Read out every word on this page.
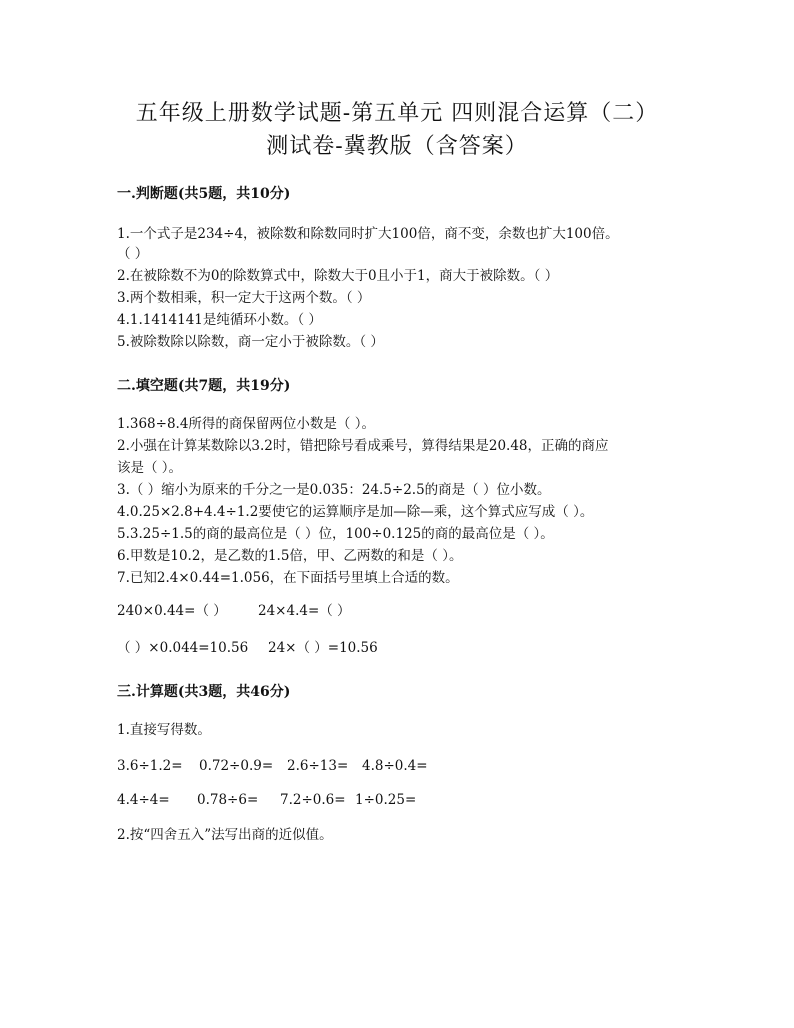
五年级上册数学试题-第五单元 四则混合运算（二）
测试卷-冀教版（含答案）
一.判断题(共5题，共10分)
1.一个式子是234÷4，被除数和除数同时扩大100倍，商不变，余数也扩大100倍。
（ ）
2.在被除数不为0的除数算式中，除数大于0且小于1，商大于被除数。（ ）
3.两个数相乘，积一定大于这两个数。（ ）
4.1.1414141是纯循环小数。（ ）
5.被除数除以除数，商一定小于被除数。（ ）
二.填空题(共7题，共19分)
1.368÷8.4所得的商保留两位小数是（ ）。
2.小强在计算某数除以3.2时，错把除号看成乘号，算得结果是20.48，正确的商应
该是（ ）。
3.（ ）缩小为原来的千分之一是0.035：24.5÷2.5的商是（ ）位小数。
4.0.25×2.8+4.4÷1.2要使它的运算顺序是加—除—乘，这个算式应写成（ ）。
5.3.25÷1.5的商的最高位是（ ）位，100÷0.125的商的最高位是（ ）。
6.甲数是10.2，是乙数的1.5倍，甲、乙两数的和是（ ）。
7.已知2.4×0.44=1.056，在下面括号里填上合适的数。
240×0.44=（ ） 24×4.4=（ ）
（ ）×0.044=10.56 24×（ ）=10.56
三.计算题(共3题，共46分)
1.直接写得数。
3.6÷1.2= 0.72÷0.9= 2.6÷13= 4.8÷0.4=
4.4÷4= 0.78÷6= 7.2÷0.6= 1÷0.25=
2.按“四舍五入”法写出商的近似值。
